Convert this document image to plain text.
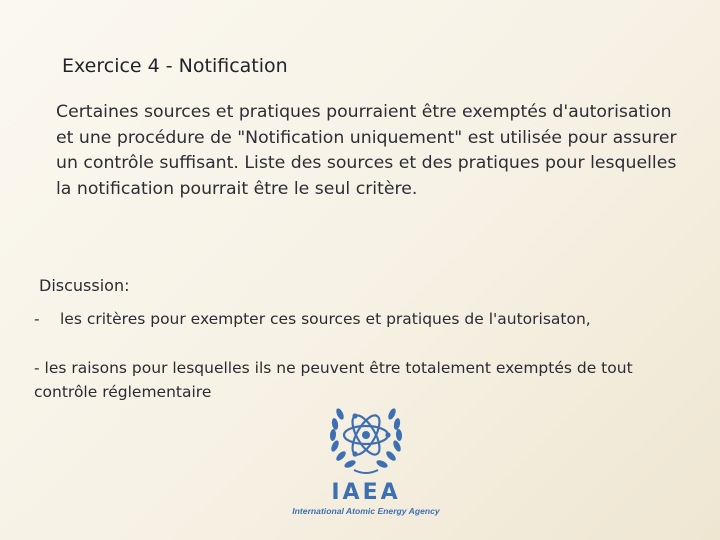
Exercice 4 - Notification

Certaines sources et pratiques pourraient être exemptés d'autorisation et une procédure de "Notification uniquement" est utilisée pour assurer un contrôle suffisant. Liste des sources et des pratiques pour lesquelles la notification pourrait être le seul critère.

Discussion:
- les critères pour exempter ces sources et pratiques de l'autorisaton,

- les raisons pour lesquelles ils ne peuvent être totalement exemptés de tout contrôle réglementaire

IAEA
International Atomic Energy Agency
